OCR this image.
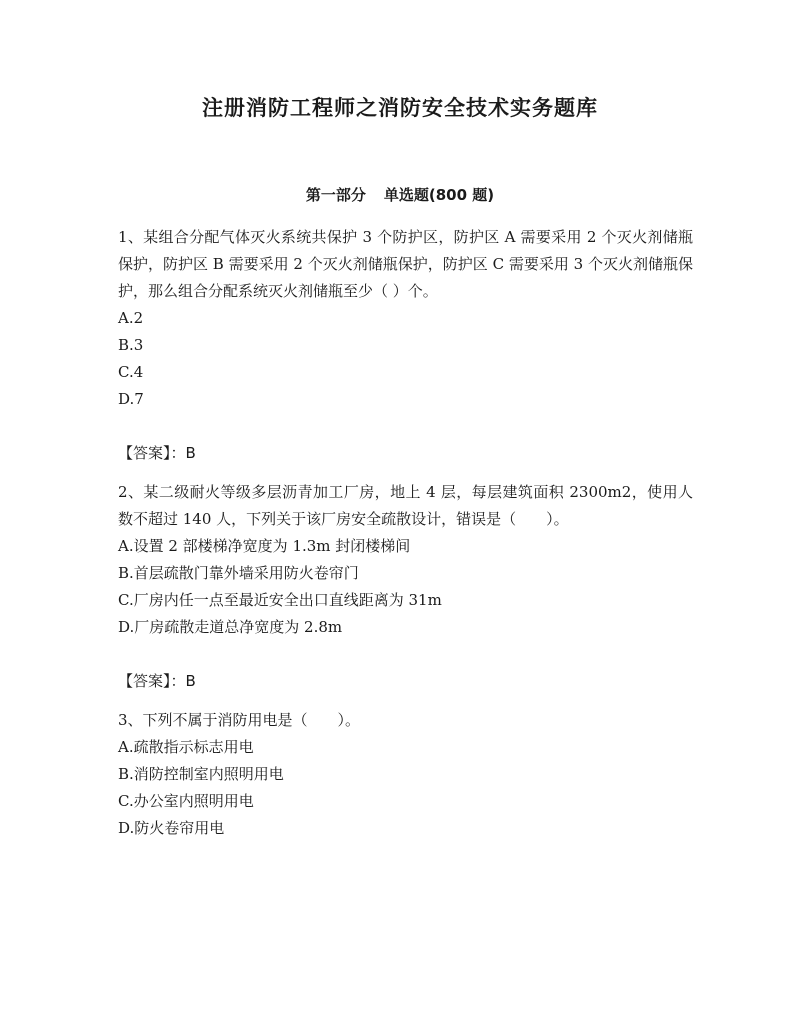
注册消防工程师之消防安全技术实务题库
第一部分 单选题(800 题)

1、某组合分配气体灭火系统共保护 3 个防护区，防护区 A 需要采用 2 个灭火剂储瓶保护，防护区 B 需要采用 2 个灭火剂储瓶保护，防护区 C 需要采用 3 个灭火剂储瓶保护，那么组合分配系统灭火剂储瓶至少（ ）个。

A.2

B.3

C.4

D.7

【答案】：B

2、某二级耐火等级多层沥青加工厂房，地上 4 层，每层建筑面积 2300m2，使用人数不超过 140 人，下列关于该厂房安全疏散设计，错误是（　　）。

A.设置 2 部楼梯净宽度为 1.3m 封闭楼梯间

B.首层疏散门靠外墙采用防火卷帘门

C.厂房内任一点至最近安全出口直线距离为 31m

D.厂房疏散走道总净宽度为 2.8m

【答案】：B

3、下列不属于消防用电是（　　）。

A.疏散指示标志用电

B.消防控制室内照明用电

C.办公室内照明用电

D.防火卷帘用电
